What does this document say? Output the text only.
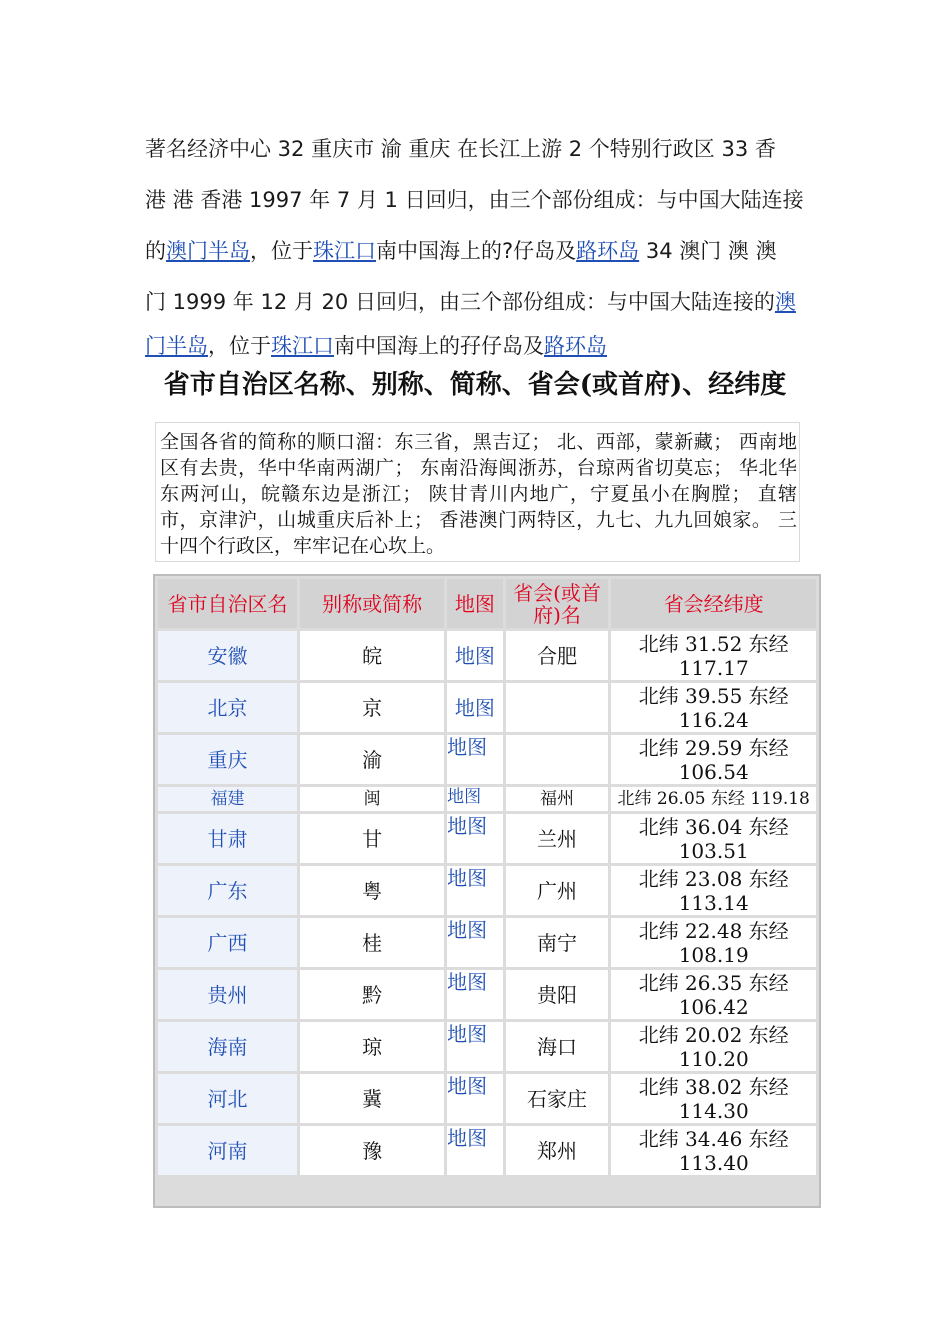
著名经济中心 32 重庆市 渝 重庆 在长江上游 2 个特别行政区 33 香
港 港 香港 1997 年 7 月 1 日回归，由三个部份组成：与中国大陆连接
的澳门半岛，位于珠江口南中国海上的?仔岛及路环岛 34 澳门 澳 澳
门 1999 年 12 月 20 日回归，由三个部份组成：与中国大陆连接的澳
门半岛，位于珠江口南中国海上的孖仔岛及路环岛
省市自治区名称、别称、简称、省会(或首府)、经纬度
全国各省的简称的顺口溜：东三省，黑吉辽； 北、西部，蒙新藏； 西南地区有去贵，华中华南两湖广； 东南沿海闽浙苏，台琼两省切莫忘； 华北华东两河山，皖赣东边是浙江； 陕甘青川内地广，宁夏虽小在胸膛； 直辖市，京津沪，山城重庆后补上； 香港澳门两特区，九七、九九回娘家。 三十四个行政区，牢牢记在心坎上。
省市自治区名	别称或简称	地图	省会(或首府)名	省会经纬度
安徽	皖	地图	合肥	北纬 31.52 东经 117.17
北京	京	地图		北纬 39.55 东经 116.24
重庆	渝	地图		北纬 29.59 东经 106.54
福建	闽	地图	福州	北纬 26.05 东经 119.18
甘肃	甘	地图	兰州	北纬 36.04 东经 103.51
广东	粤	地图	广州	北纬 23.08 东经 113.14
广西	桂	地图	南宁	北纬 22.48 东经 108.19
贵州	黔	地图	贵阳	北纬 26.35 东经 106.42
海南	琼	地图	海口	北纬 20.02 东经 110.20
河北	冀	地图	石家庄	北纬 38.02 东经 114.30
河南	豫	地图	郑州	北纬 34.46 东经 113.40
